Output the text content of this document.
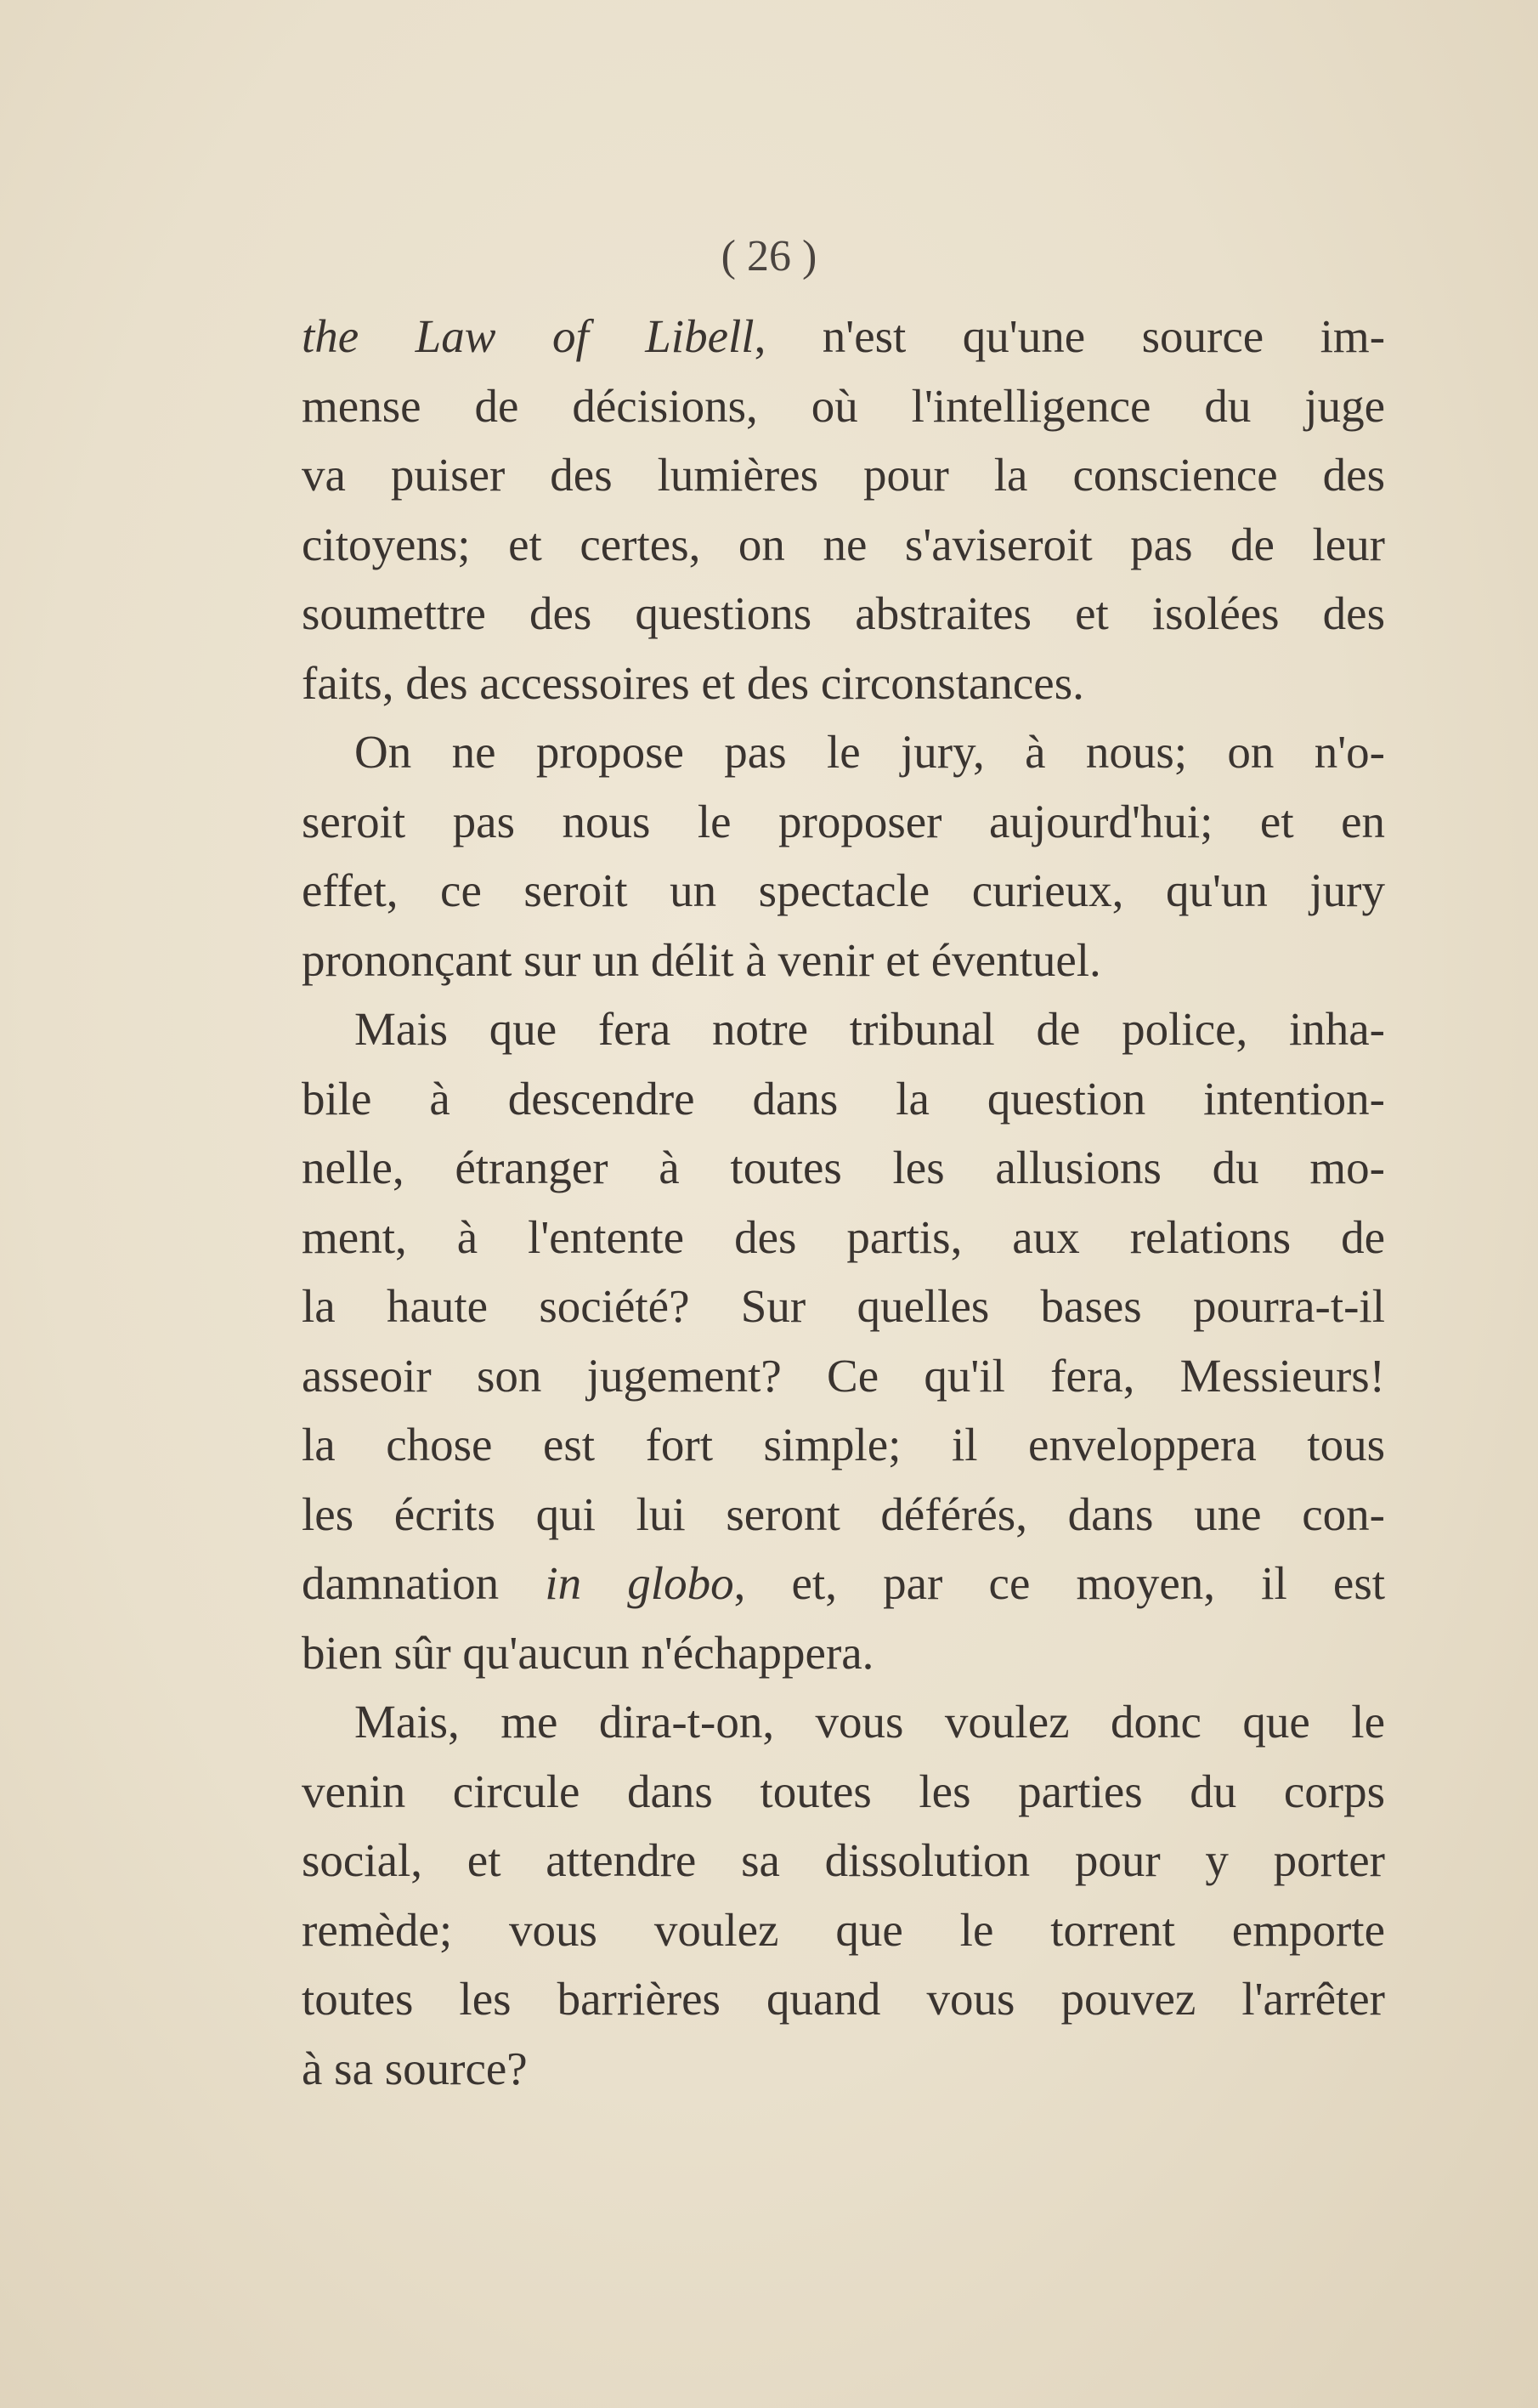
( 26 )
the Law of Libell, n'est qu'une source im-
mense de décisions, où l'intelligence du juge
va puiser des lumières pour la conscience des
citoyens; et certes, on ne s'aviseroit pas de leur
soumettre des questions abstraites et isolées des
faits, des accessoires et des circonstances.
On ne propose pas le jury, à nous; on n'o-
seroit pas nous le proposer aujourd'hui; et en
effet, ce seroit un spectacle curieux, qu'un jury
prononçant sur un délit à venir et éventuel.
Mais que fera notre tribunal de police, inha-
bile à descendre dans la question intention-
nelle, étranger à toutes les allusions du mo-
ment, à l'entente des partis, aux relations de
la haute société? Sur quelles bases pourra-t-il
asseoir son jugement? Ce qu'il fera, Messieurs!
la chose est fort simple; il enveloppera tous
les écrits qui lui seront déférés, dans une con-
damnation in globo, et, par ce moyen, il est
bien sûr qu'aucun n'échappera.
Mais, me dira-t-on, vous voulez donc que le
venin circule dans toutes les parties du corps
social, et attendre sa dissolution pour y porter
remède; vous voulez que le torrent emporte
toutes les barrières quand vous pouvez l'arrêter
à sa source?
